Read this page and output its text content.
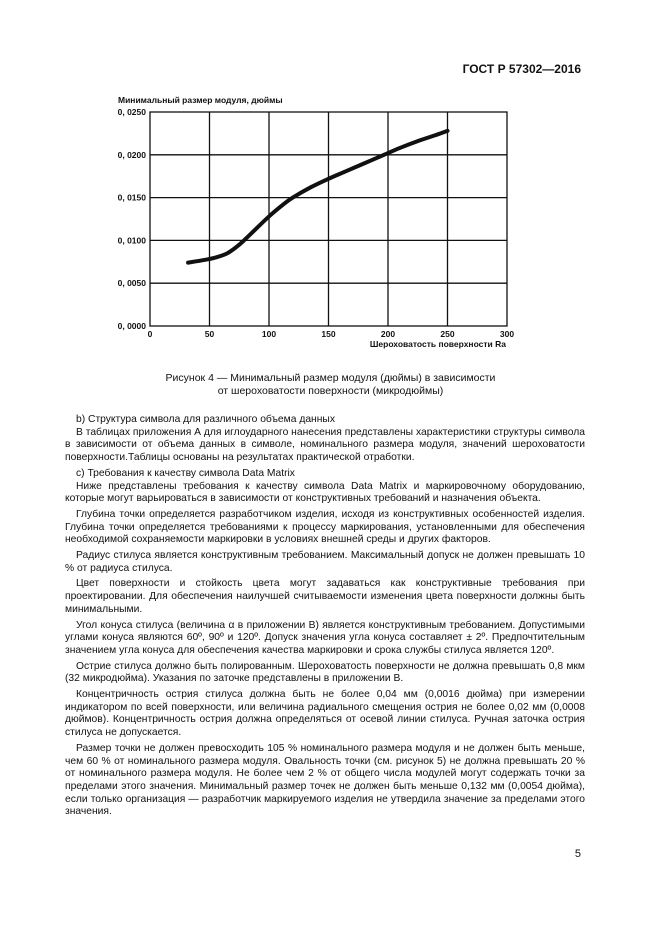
ГОСТ Р 57302—2016
Минимальный размер модуля, дюймы
0, 0000
0, 0050
0, 0100
0, 0150
0, 0200
0, 0250
0	50	100	150	200	250	300
Шероховатость поверхности Ra
Рисунок 4 — Минимальный размер модуля (дюймы) в зависимости
от шероховатости поверхности (микродюймы)

b) Структура символа для различного объема данных

В таблицах приложения А для иглоударного нанесения представлены характеристики структуры символа в зависимости от объема данных в символе, номинального размера модуля, значений шероховатости поверхности.Таблицы основаны на результатах практической отработки.

c) Требования к качеству символа Data Matrix

Ниже представлены требования к качеству символа Data Matrix и маркировочному оборудованию, которые могут варьироваться в зависимости от конструктивных требований и назначения объекта.

Глубина точки определяется разработчиком изделия, исходя из конструктивных особенностей изделия. Глубина точки определяется требованиями к процессу маркирования, установленными для обеспечения необходимой сохраняемости маркировки в условиях внешней среды и других факторов.

Радиус стилуса является конструктивным требованием. Максимальный допуск не должен превышать 10 % от радиуса стилуса.

Цвет поверхности и стойкость цвета могут задаваться как конструктивные требования при проектировании. Для обеспечения наилучшей считываемости изменения цвета поверхности должны быть минимальными.

Угол конуса стилуса (величина α в приложении В) является конструктивным требованием. Допустимыми углами конуса являются 60º, 90º и 120º. Допуск значения угла конуса составляет ± 2º. Предпочтительным значением угла конуса для обеспечения качества маркировки и срока службы стилуса является 120º.

Острие стилуса должно быть полированным. Шероховатость поверхности не должна превышать 0,8 мкм (32 микродюйма). Указания по заточке представлены в приложении В.

Концентричность острия стилуса должна быть не более 0,04 мм (0,0016 дюйма) при измерении индикатором по всей поверхности, или величина радиального смещения острия не более 0,02 мм (0,0008 дюймов). Концентричность острия должна определяться от осевой линии стилуса. Ручная заточка острия стилуса не допускается.

Размер точки не должен превосходить 105 % номинального размера модуля и не должен быть меньше, чем 60 % от номинального размера модуля. Овальность точки (см. рисунок 5) не должна превышать 20 % от номинального размера модуля. Не более чем 2 % от общего числа модулей могут содержать точки за пределами этого значения. Минимальный размер точек не должен быть меньше 0,132 мм (0,0054 дюйма), если только организация — разработчик маркируемого изделия не утвердила значение за пределами этого значения.

5
